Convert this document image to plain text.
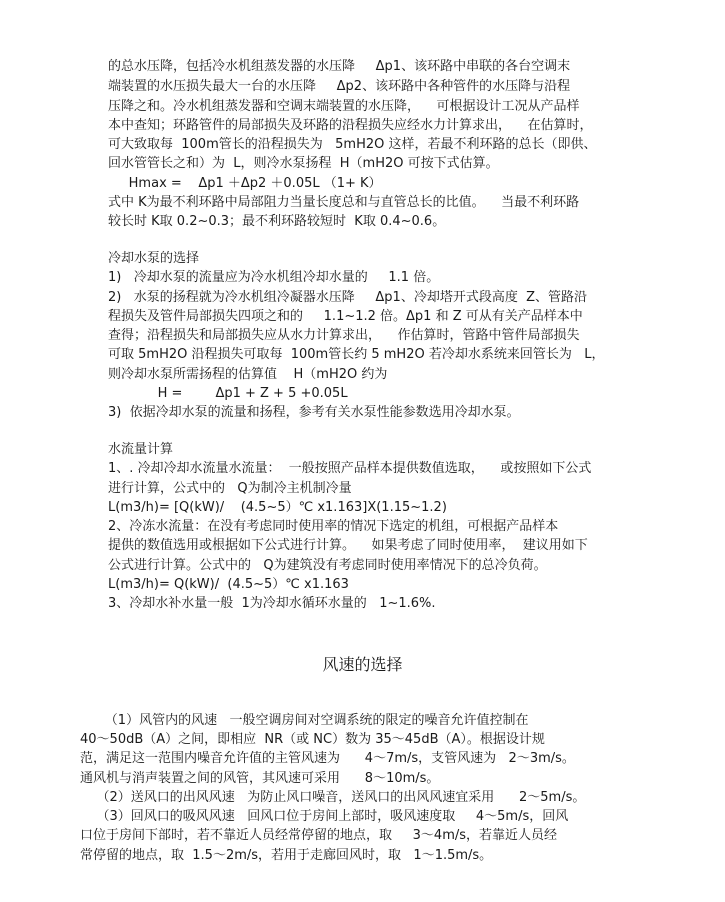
的总水压降，包括冷水机组蒸发器的水压降     Δp1、该环路中串联的各台空调末
端装置的水压损失最大一台的水压降     Δp2、该环路中各种管件的水压降与沿程
压降之和。冷水机组蒸发器和空调末端装置的水压降，    可根据设计工况从产品样
本中查知；环路管件的局部损失及环路的沿程损失应经水力计算求出，    在估算时，
可大致取每  100m管长的沿程损失为   5mH2O 这样，若最不利环路的总长（即供、
回水管管长之和）为  L，则冷水泵扬程  H（mH2O 可按下式估算。
Hmax =    Δp1 ＋Δp2 ＋0.05L （1+ K）
式中 K为最不利环路中局部阻力当量长度总和与直管总长的比值。    当最不利环路
较长时 K取 0.2~0.3；最不利环路较短时  K取 0.4~0.6。
冷却水泵的选择
1)   冷却水泵的流量应为冷水机组冷却水量的     1.1 倍。
2)   水泵的扬程就为冷水机组冷凝器水压降     Δp1、冷却塔开式段高度  Z、管路沿
程损失及管件局部损失四项之和的     1.1~1.2 倍。Δp1 和 Z 可从有关产品样本中
查得；沿程损失和局部损失应从水力计算求出，    作估算时，管路中管件局部损失
可取 5mH2O 沿程损失可取每  100m管长约 5 mH2O 若冷却水系统来回管长为   L，
则冷却水泵所需扬程的估算值    H（mH2O 约为
H =        Δp1 + Z + 5 +0.05L
3)  依据冷却水泵的流量和扬程，参考有关水泵性能参数选用冷却水泵。
水流量计算
1、. 冷却冷却水流量水流量：  一般按照产品样本提供数值选取，    或按照如下公式
进行计算，公式中的   Q为制冷主机制冷量
L(m3/h)= [Q(kW)/    (4.5~5）℃ x1.163]X(1.15~1.2)
2、冷冻水流量：在没有考虑同时使用率的情况下选定的机组，可根据产品样本
提供的数值选用或根据如下公式进行计算。    如果考虑了同时使用率，  建议用如下
公式进行计算。公式中的   Q为建筑没有考虑同时使用率情况下的总冷负荷。
L(m3/h)= Q(kW)/  (4.5~5）℃ x1.163
3、冷却水补水量一般  1为冷却水循环水量的   1~1.6%.
风速的选择
（1）风管内的风速   一般空调房间对空调系统的限定的噪音允许值控制在
40～50dB（A）之间，即相应  NR（或 NC）数为 35～45dB（A）。根据设计规
范，满足这一范围内噪音允许值的主管风速为      4～7m/s，支管风速为   2～3m/s。
通风机与消声装置之间的风管，其风速可采用      8～10m/s。
（2）送风口的出风风速   为防止风口噪音，送风口的出风风速宜采用      2～5m/s。
（3）回风口的吸风风速   回风口位于房间上部时，吸风速度取     4～5m/s，回风
口位于房间下部时，若不靠近人员经常停留的地点，取     3～4m/s，若靠近人员经
常停留的地点，取  1.5～2m/s，若用于走廊回风时，取   1～1.5m/s。
